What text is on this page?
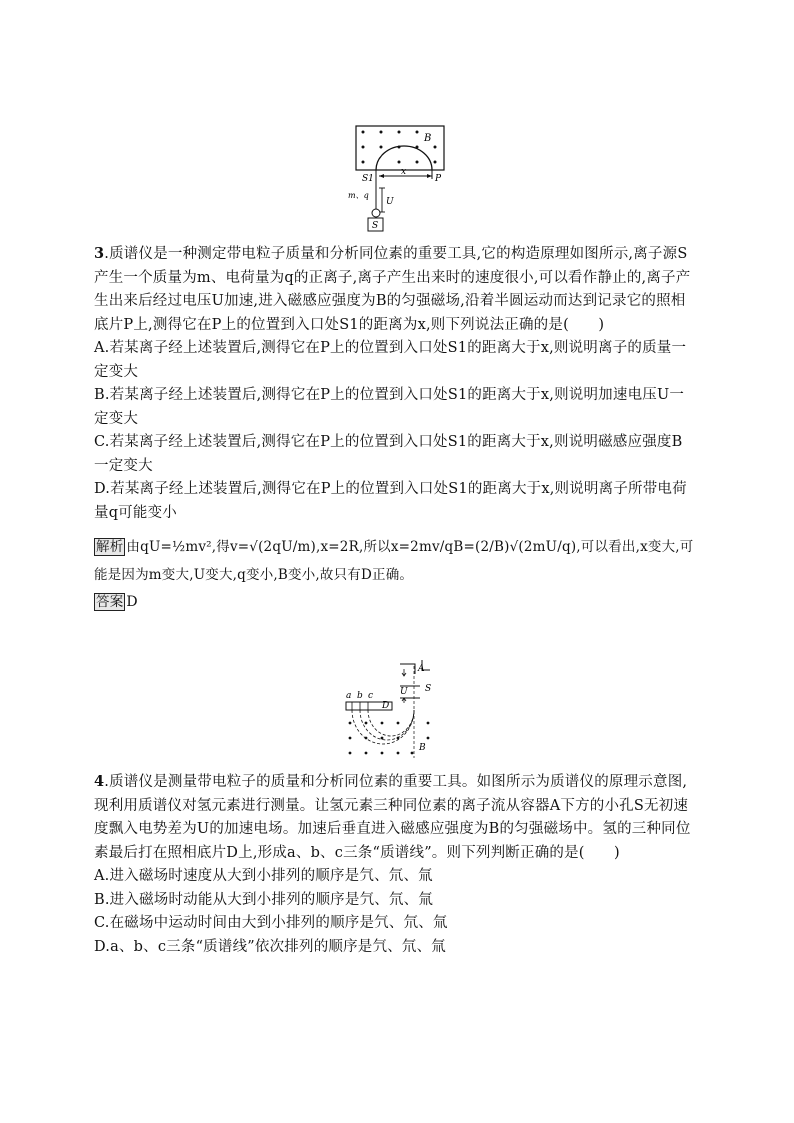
B
S1
x
P
m、q
U
S

3.质谱仪是一种测定带电粒子质量和分析同位素的重要工具,它的构造原理如图所示,离子源S产生一个质量为m、电荷量为q的正离子,离子产生出来时的速度很小,可以看作静止的,离子产生出来后经过电压U加速,进入磁感应强度为B的匀强磁场,沿着半圆运动而达到记录它的照相底片P上,测得它在P上的位置到入口处S1的距离为x,则下列说法正确的是(　　)

A.若某离子经上述装置后,测得它在P上的位置到入口处S1的距离大于x,则说明离子的质量一定变大

B.若某离子经上述装置后,测得它在P上的位置到入口处S1的距离大于x,则说明加速电压U一定变大

C.若某离子经上述装置后,测得它在P上的位置到入口处S1的距离大于x,则说明磁感应强度B一定变大

D.若某离子经上述装置后,测得它在P上的位置到入口处S1的距离大于x,则说明离子所带电荷量q可能变小

解析 由qU=½mv²,得v=√(2qU/m),x=2R,所以x=2mv/qB=(2/B)√(2mU/q),可以看出,x变大,可能是因为m变大,U变大,q变小,B变小,故只有D正确。

答案 D

a b c
D
U
A
S
B

4.质谱仪是测量带电粒子的质量和分析同位素的重要工具。如图所示为质谱仪的原理示意图,现利用质谱仪对氢元素进行测量。让氢元素三种同位素的离子流从容器A下方的小孔S无初速度飘入电势差为U的加速电场。加速后垂直进入磁感应强度为B的匀强磁场中。氢的三种同位素最后打在照相底片D上,形成a、b、c三条“质谱线”。则下列判断正确的是(　　)

A.进入磁场时速度从大到小排列的顺序是氕、氘、氚

B.进入磁场时动能从大到小排列的顺序是氕、氘、氚

C.在磁场中运动时间由大到小排列的顺序是氕、氘、氚

D.a、b、c三条“质谱线”依次排列的顺序是氕、氘、氚
